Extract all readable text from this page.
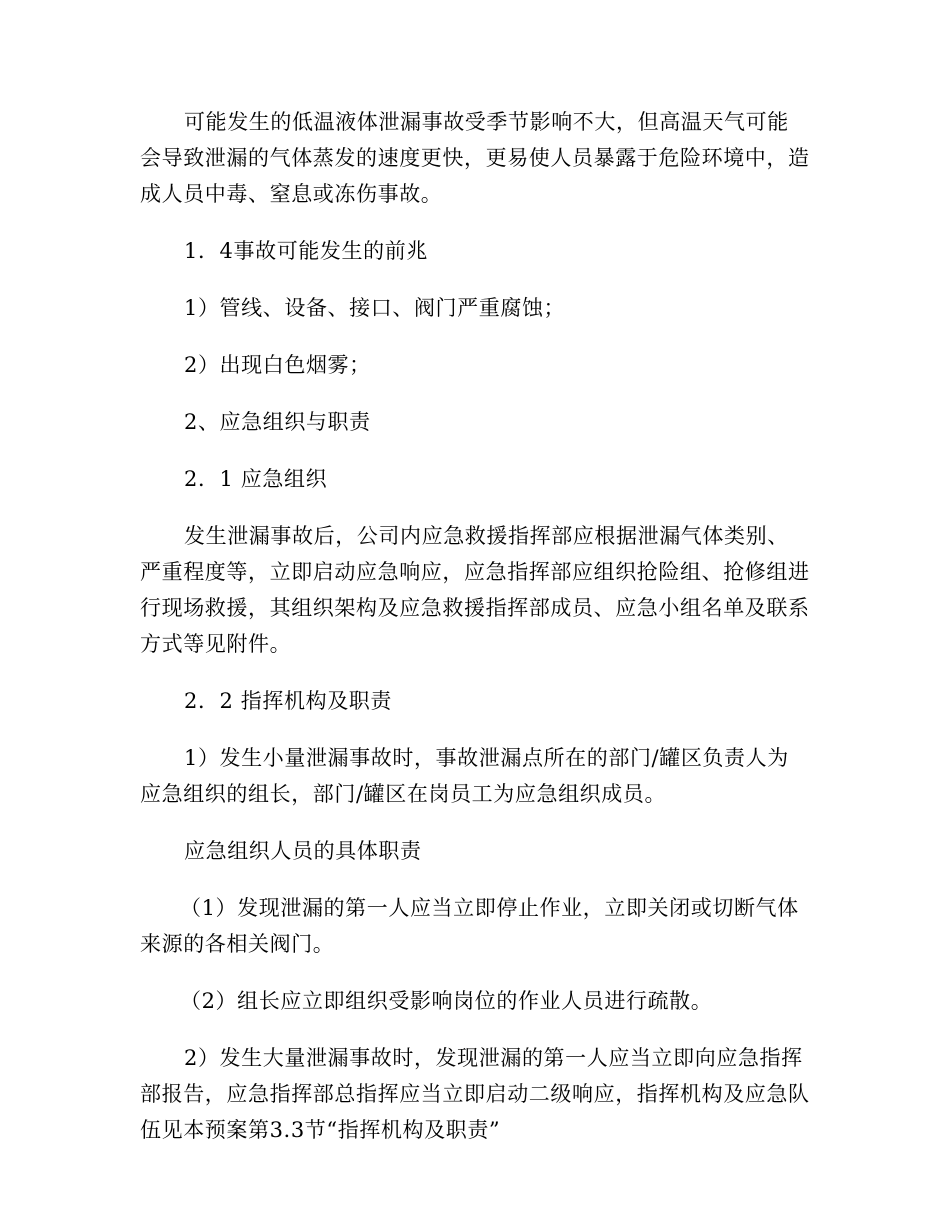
可能发生的低温液体泄漏事故受季节影响不大，但高温天气可能会导致泄漏的气体蒸发的速度更快，更易使人员暴露于危险环境中，造成人员中毒、窒息或冻伤事故。

1．4事故可能发生的前兆

1）管线、设备、接口、阀门严重腐蚀；

2）出现白色烟雾；

2、应急组织与职责

2．1 应急组织

发生泄漏事故后，公司内应急救援指挥部应根据泄漏气体类别、严重程度等，立即启动应急响应，应急指挥部应组织抢险组、抢修组进行现场救援，其组织架构及应急救援指挥部成员、应急小组名单及联系方式等见附件。

2．2 指挥机构及职责

1）发生小量泄漏事故时，事故泄漏点所在的部门/罐区负责人为应急组织的组长，部门/罐区在岗员工为应急组织成员。

应急组织人员的具体职责

（1）发现泄漏的第一人应当立即停止作业，立即关闭或切断气体来源的各相关阀门。

（2）组长应立即组织受影响岗位的作业人员进行疏散。

2）发生大量泄漏事故时，发现泄漏的第一人应当立即向应急指挥部报告，应急指挥部总指挥应当立即启动二级响应，指挥机构及应急队伍见本预案第3.3节“指挥机构及职责”
